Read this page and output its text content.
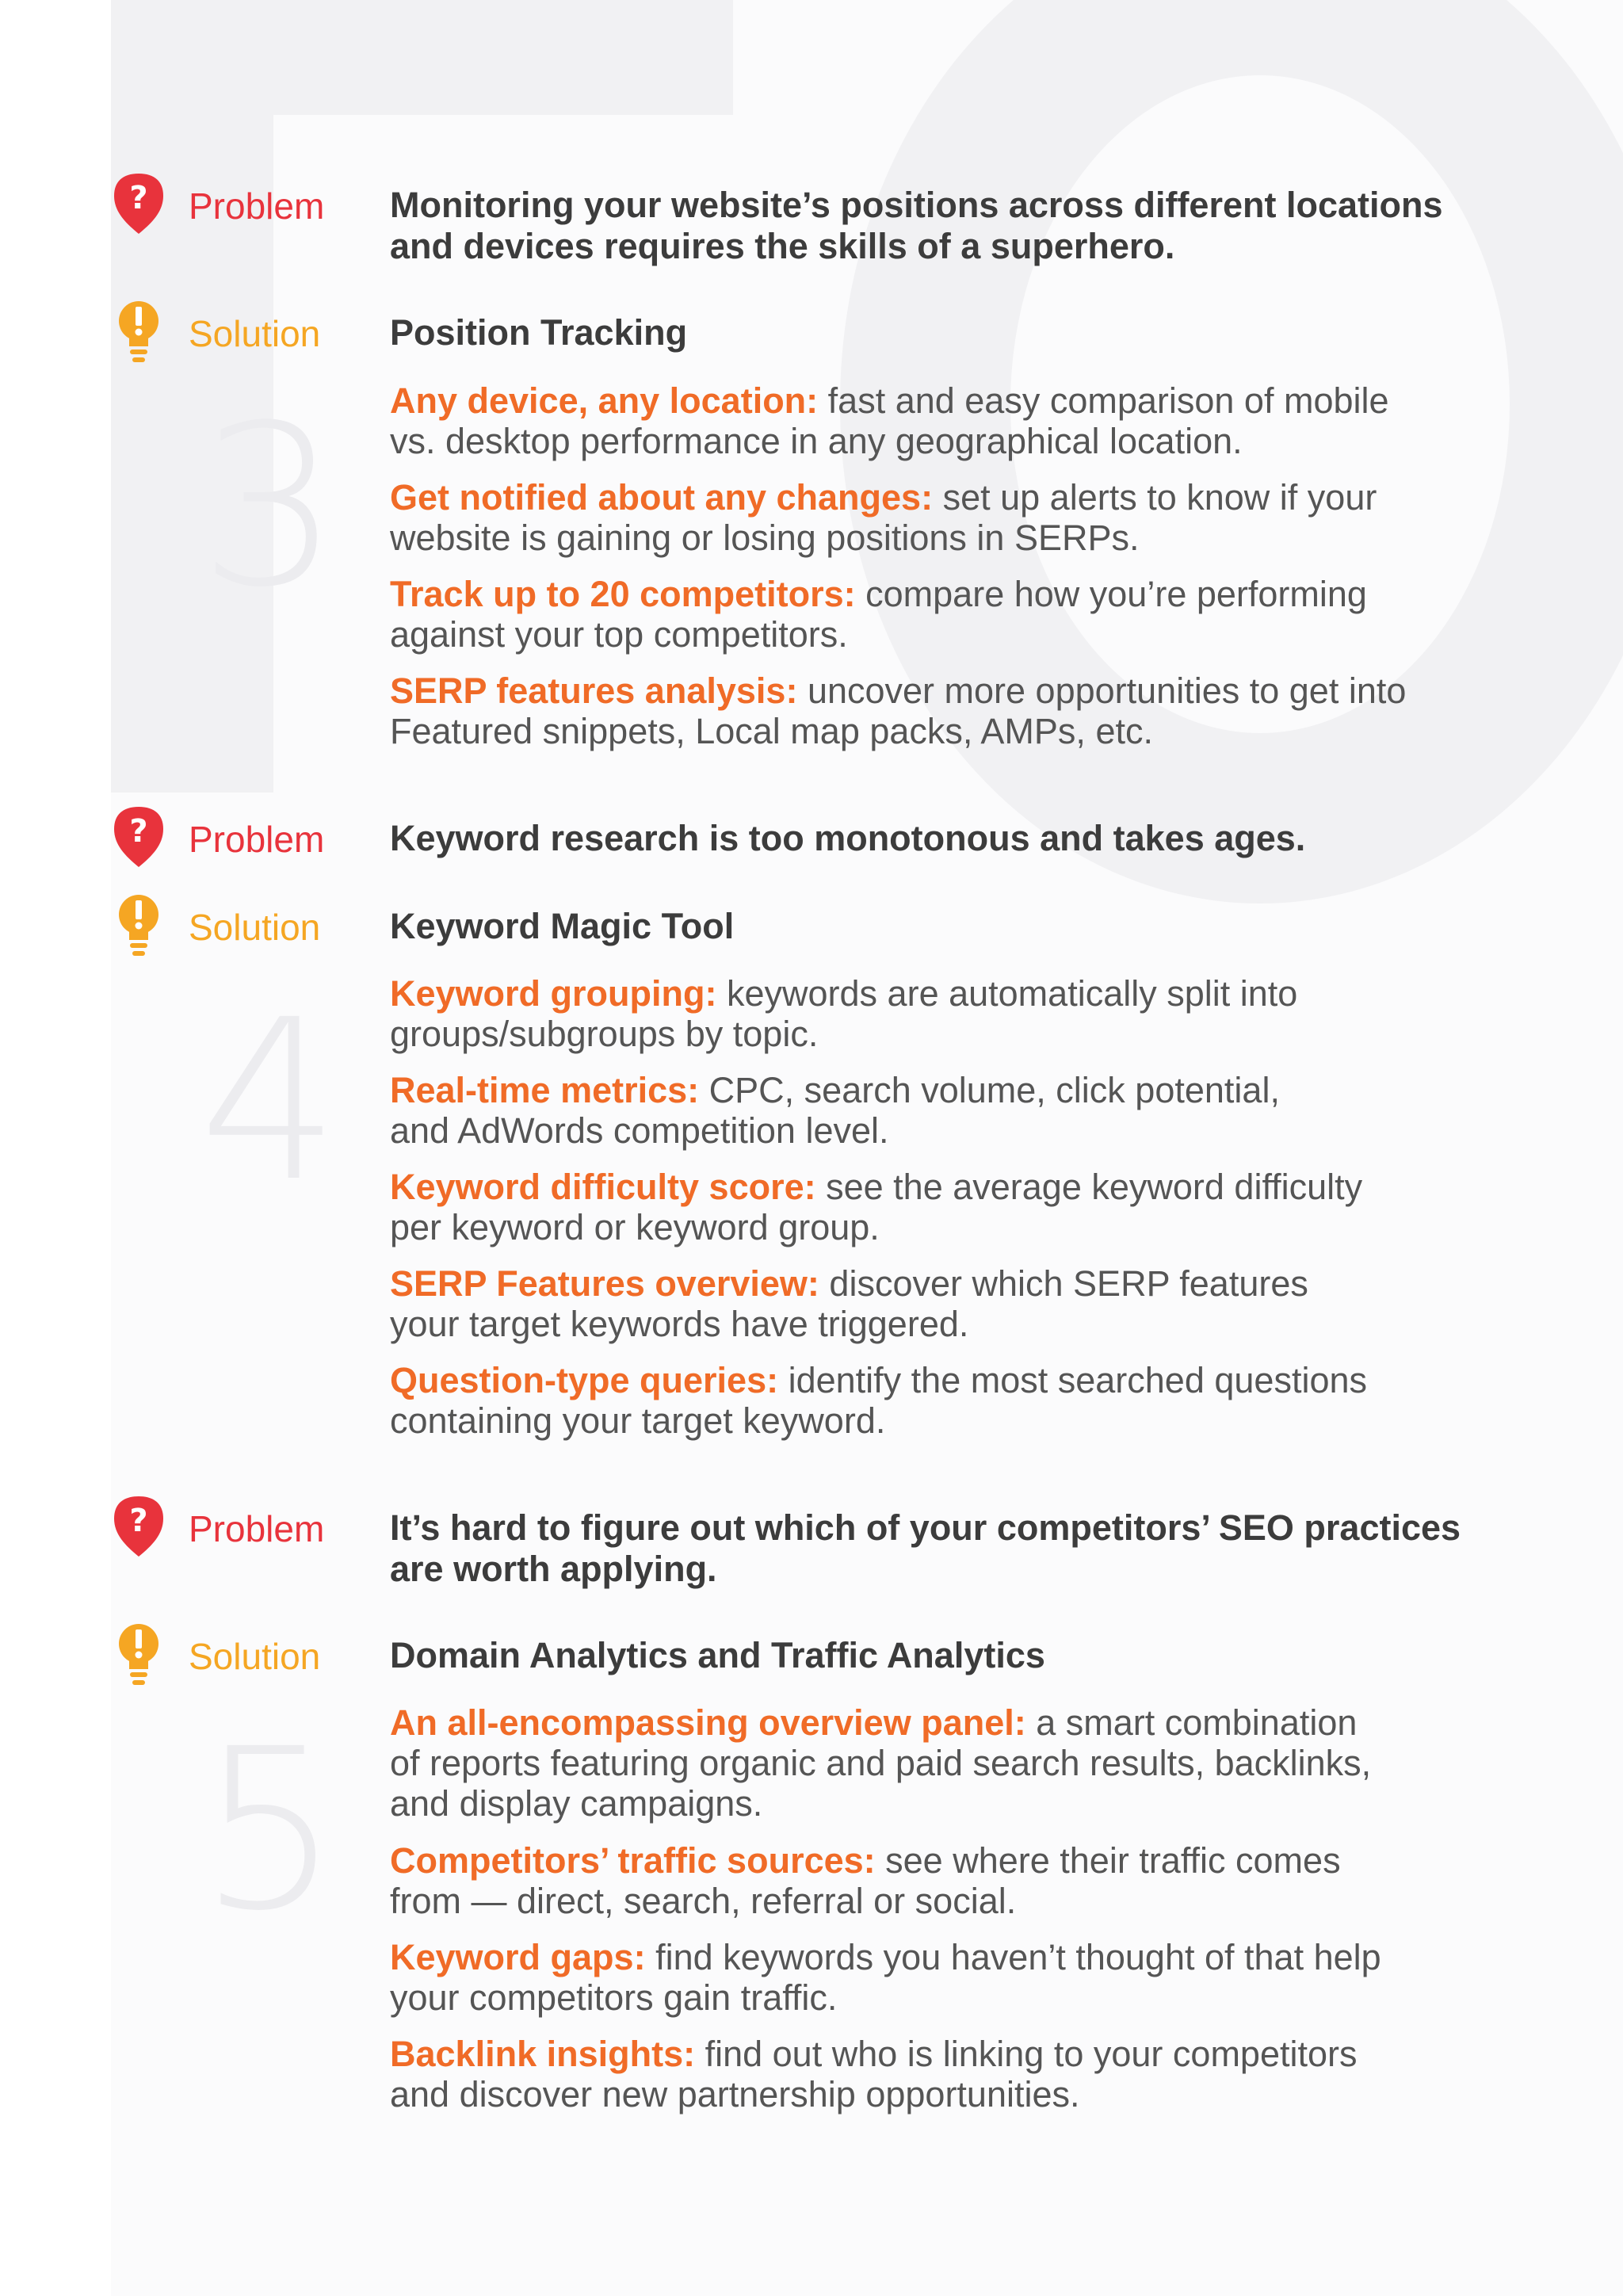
3
4
5
? Problem Monitoring your website’s positions across different locations
and devices requires the skills of a superhero.
Solution Position Tracking
Any device, any location: fast and easy comparison of mobile
vs. desktop performance in any geographical location.
Get notified about any changes: set up alerts to know if your
website is gaining or losing positions in SERPs.
Track up to 20 competitors: compare how you’re performing
against your top competitors.
SERP features analysis: uncover more opportunities to get into
Featured snippets, Local map packs, AMPs, etc.
? Problem Keyword research is too monotonous and takes ages.
Solution Keyword Magic Tool
Keyword grouping: keywords are automatically split into
groups/subgroups by topic.
Real-time metrics: CPC, search volume, click potential,
and AdWords competition level.
Keyword difficulty score: see the average keyword difficulty
per keyword or keyword group.
SERP Features overview: discover which SERP features
your target keywords have triggered.
Question-type queries: identify the most searched questions
containing your target keyword.
? Problem It’s hard to figure out which of your competitors’ SEO practices
are worth applying.
Solution Domain Analytics and Traffic Analytics
An all-encompassing overview panel: a smart combination
of reports featuring organic and paid search results, backlinks,
and display campaigns.
Competitors’ traffic sources: see where their traffic comes
from — direct, search, referral or social.
Keyword gaps: find keywords you haven’t thought of that help
your competitors gain traffic.
Backlink insights: find out who is linking to your competitors
and discover new partnership opportunities.
